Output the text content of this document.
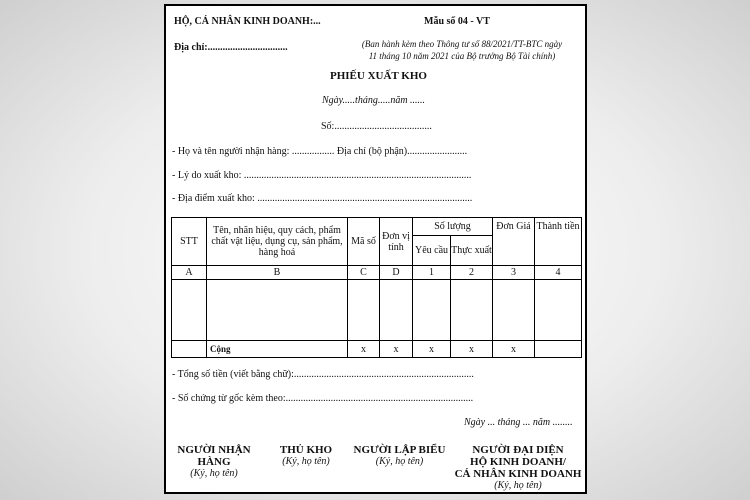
HỘ, CÁ NHÂN KINH DOANH:...	Mẫu số 04 - VT
Địa chỉ:................................	(Ban hành kèm theo Thông tư số 88/2021/TT-BTC ngày
11 tháng 10 năm 2021 của Bộ trưởng Bộ Tài chính)
PHIẾU XUẤT KHO
Ngày.....tháng.....năm ......
Số:.......................................
- Họ và tên người nhận hàng: ................. Địa chỉ (bộ phận)........................
- Lý do xuất kho: ...........................................................................................
- Địa điểm xuất kho: ......................................................................................
STT	Tên, nhãn hiệu, quy cách, phẩm chất vật liệu, dụng cụ, sản phẩm, hàng hoá	Mã số	Đơn vị tính	Số lượng		Đơn Giá	Thành tiền
				Yêu cầu	Thực xuất		
A	B	C	D	1	2	3	4

	Cộng	x	x	x	x	x	
- Tổng số tiền (viết bằng chữ):........................................................................
- Số chứng từ gốc kèm theo:...........................................................................
Ngày ... tháng ... năm ........
NGƯỜI NHẬN
HÀNG
(Ký, họ tên)
THỦ KHO
(Ký, họ tên)
NGƯỜI LẬP BIỂU
(Ký, họ tên)
NGƯỜI ĐẠI DIỆN
HỘ KINH DOANH/
CÁ NHÂN KINH DOANH
(Ký, họ tên)
